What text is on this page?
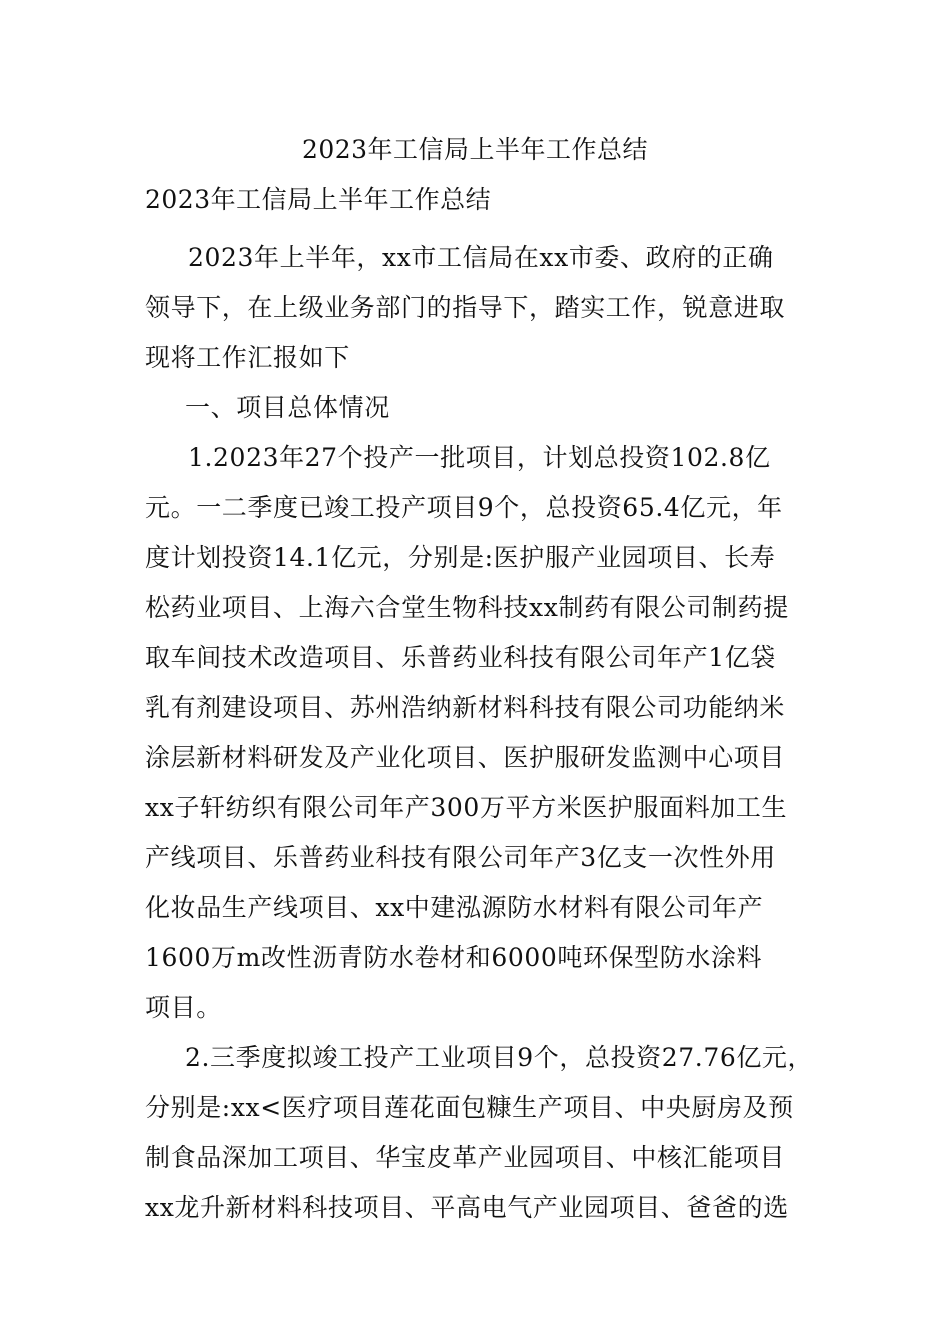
2023年工信局上半年工作总结
2023年工信局上半年工作总结

2023年上半年，xx市工信局在xx市委、政府的正确
领导下，在上级业务部门的指导下，踏实工作，锐意进取
现将工作汇报如下

一、项目总体情况

1.2023年27个投产一批项目，计划总投资102.8亿
元。一二季度已竣工投产项目9个，总投资65.4亿元，年
度计划投资14.1亿元，分别是:医护服产业园项目、长寿
松药业项目、上海六合堂生物科技xx制药有限公司制药提
取车间技术改造项目、乐普药业科技有限公司年产1亿袋
乳有剂建设项目、苏州浩纳新材料科技有限公司功能纳米
涂层新材料研发及产业化项目、医护服研发监测中心项目
xx子轩纺织有限公司年产300万平方米医护服面料加工生
产线项目、乐普药业科技有限公司年产3亿支一次性外用
化妆品生产线项目、xx中建泓源防水材料有限公司年产
1600万m改性沥青防水卷材和6000吨环保型防水涂料
项目。

2.三季度拟竣工投产工业项目9个，总投资27.76亿元，
分别是:xx<医疗项目莲花面包糠生产项目、中央厨房及预
制食品深加工项目、华宝皮革产业园项目、中核汇能项目
xx龙升新材料科技项目、平高电气产业园项目、爸爸的选
